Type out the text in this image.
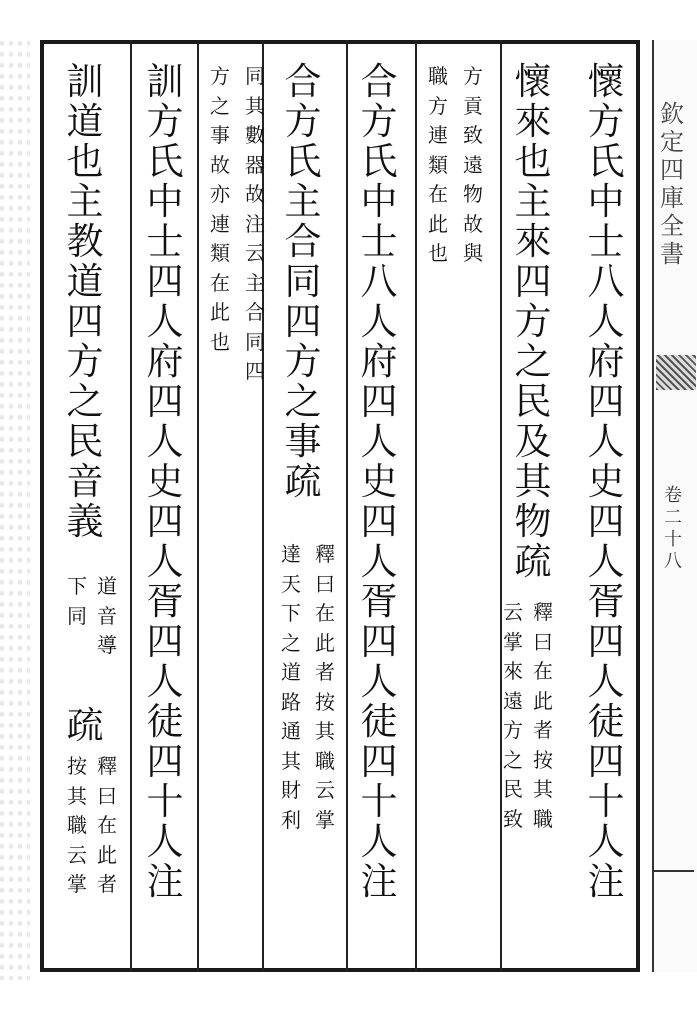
欽
定
四
庫
全
書
卷
二
十
八
懷
方
氏
中
士
八
人
府
四
人
史
四
人
胥
四
人
徒
四
十
人
注
懷
來
也
主
來
四
方
之
民
及
其
物
疏
釋
曰
在
此
者
按
其
職
云
掌
來
遠
方
之
民
致
方
貢
致
遠
物
故
與
職
方
連
類
在
此
也
合
方
氏
中
士
八
人
府
四
人
史
四
人
胥
四
人
徒
四
十
人
注
合
方
氏
主
合
同
四
方
之
事
疏
釋
曰
在
此
者
按
其
職
云
掌
達
天
下
之
道
路
通
其
財
利
同
其
數
器
故
注
云
主
合
同
四
方
之
事
故
亦
連
類
在
此
也
訓
方
氏
中
士
四
人
府
四
人
史
四
人
胥
四
人
徒
四
十
人
注
訓
道
也
主
教
道
四
方
之
民
音
義
道
音
導
下
同
疏
釋
曰
在
此
者
按
其
職
云
掌
